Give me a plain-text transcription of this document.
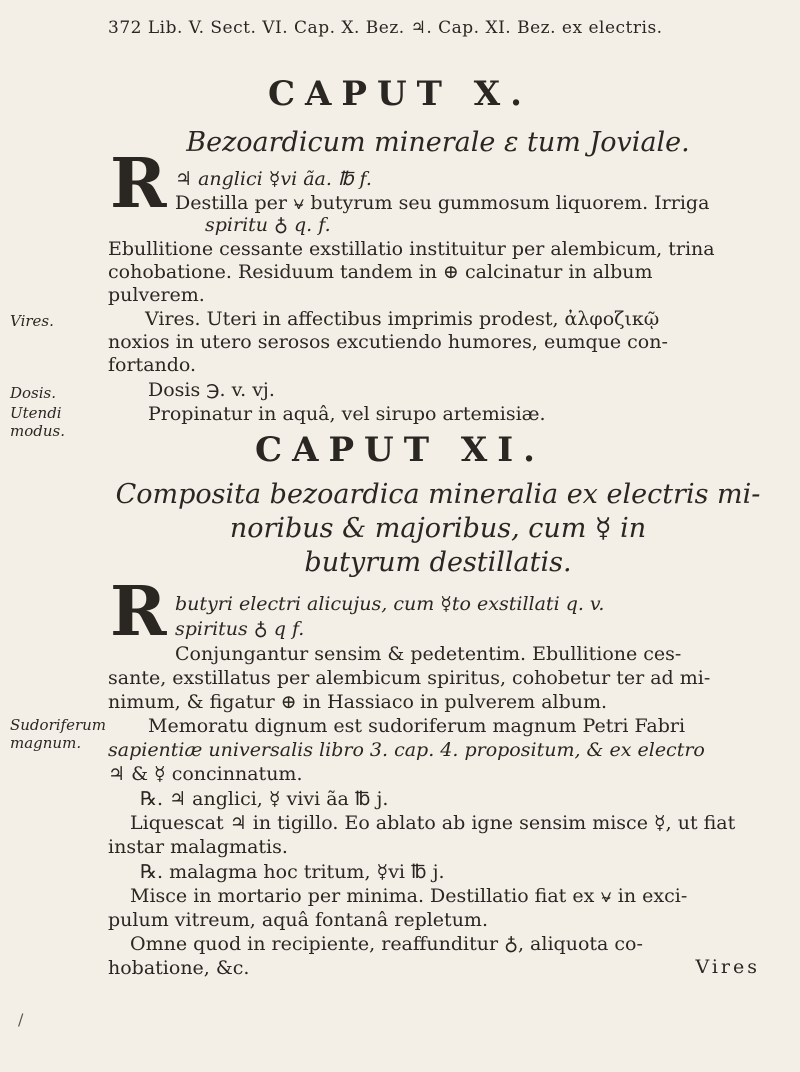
372 Lib. V. Sect. VI. Cap. X. Bez. ♃. Cap. XI. Bez. ex electris.
CAPUT X.
Bezoardicum minerale ε tum Joviale.
R ♃ anglici ☿vi ãa. ℔ f.
Destilla per ⍱ butyrum seu gummosum liquorem. Irriga
spiritu ♁ q. f.
Ebullitione cessante exstillatio instituitur per alembicum, trina
cohobatione. Residuum tandem in ⊕ calcinatur in album
pulverem.
Vires.	Vires. Uteri in affectibus imprimis prodest, ἀλφοζικῷ
noxios in utero serosos excutiendo humores, eumque con-
fortando.
Dosis.	Dosis ℈. v. vj.
Utendi modus.
Propinatur in aquâ, vel sirupo artemisiæ.
CAPUT XI.
Composita bezoardica mineralia ex electris mi-
noribus & majoribus, cum ☿ in
butyrum destillatis.
R butyri electri alicujus, cum ☿to exstillati q. v.
spiritus ♁ q f.
Conjungantur sensim & pedetentim. Ebullitione ces-
sante, exstillatus per alembicum spiritus, cohobetur ter ad mi-
nimum, & figatur ⊕ in Hassiaco in pulverem album.
Sudoriferum magnum.
Memoratu dignum est sudoriferum magnum Petri Fabri
sapientiæ universalis libro 3. cap. 4. propositum, & ex electro
♃ & ☿ concinnatum.
℞. ♃ anglici, ☿ vivi ãa ℔ j.
Liquescat ♃ in tigillo. Eo ablato ab igne sensim misce ☿, ut fiat
instar malagmatis.
℞. malagma hoc tritum, ☿vi ℔ j.
Misce in mortario per minima. Destillatio fiat ex ⍱ in exci-
pulum vitreum, aquâ fontanâ repletum.
Omne quod in recipiente, reaffunditur ♁, aliquota co-
hobatione, &c.	Vires
/
